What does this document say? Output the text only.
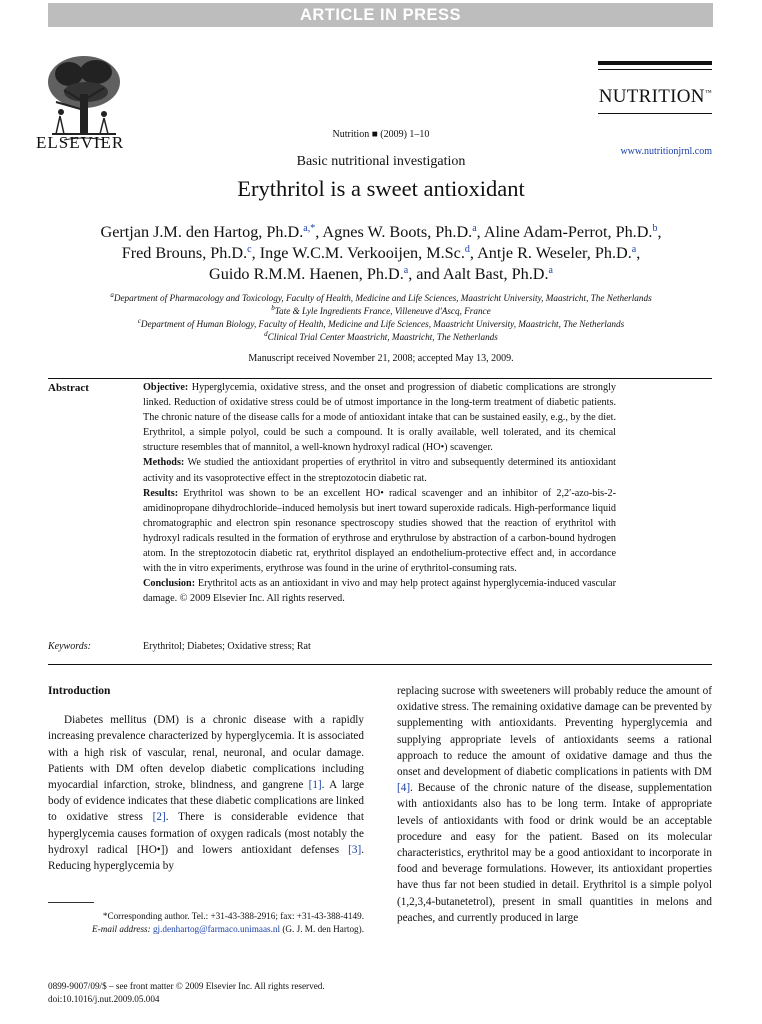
ARTICLE IN PRESS
ELSEVIER
NUTRITION™
www.nutritionjrnl.com
Nutrition ■ (2009) 1–10
Basic nutritional investigation
Erythritol is a sweet antioxidant
Gertjan J.M. den Hartog, Ph.D.$^{a,*}$, Agnes W. Boots, Ph.D.$^a$, Aline Adam-Perrot, Ph.D.$^b$,
Fred Brouns, Ph.D.$^c$, Inge W.C.M. Verkooijen, M.Sc.$^d$, Antje R. Weseler, Ph.D.$^a$,
Guido R.M.M. Haenen, Ph.D.$^a$, and Aalt Bast, Ph.D.$^a$
$^a$Department of Pharmacology and Toxicology, Faculty of Health, Medicine and Life Sciences, Maastricht University, Maastricht, The Netherlands
$^b$Tate & Lyle Ingredients France, Villeneuve d'Ascq, France
$^c$Department of Human Biology, Faculty of Health, Medicine and Life Sciences, Maastricht University, Maastricht, The Netherlands
$^d$Clinical Trial Center Maastricht, Maastricht, The Netherlands
Manuscript received November 21, 2008; accepted May 13, 2009.
Abstract	Objective: Hyperglycemia, oxidative stress, and the onset and progression of diabetic complications are strongly linked. Reduction of oxidative stress could be of utmost importance in the long-term treatment of diabetic patients. The chronic nature of the disease calls for a mode of antioxidant intake that can be sustained easily, e.g., by the diet. Erythritol, a simple polyol, could be such a compound. It is orally available, well tolerated, and its chemical structure resembles that of mannitol, a well-known hydroxyl radical (HO•) scavenger.

Methods: We studied the antioxidant properties of erythritol in vitro and subsequently determined its antioxidant activity and its vasoprotective effect in the streptozotocin diabetic rat.

Results: Erythritol was shown to be an excellent HO• radical scavenger and an inhibitor of 2,2′-azo-bis-2-amidinopropane dihydrochloride–induced hemolysis but inert toward superoxide radicals. High-performance liquid chromatographic and electron spin resonance spectroscopy studies showed that the reaction of erythritol with hydroxyl radicals resulted in the formation of erythrose and erythrulose by abstraction of a carbon-bound hydrogen atom. In the streptozotocin diabetic rat, erythritol displayed an endothelium-protective effect and, in accordance with the in vitro experiments, erythrose was found in the urine of erythritol-consuming rats.

Conclusion: Erythritol acts as an antioxidant in vivo and may help protect against hyperglycemia-induced vascular damage. © 2009 Elsevier Inc. All rights reserved.

Keywords:	Erythritol; Diabetes; Oxidative stress; Rat
Introduction

Diabetes mellitus (DM) is a chronic disease with a rapidly increasing prevalence characterized by hyperglycemia. It is associated with a high risk of vascular, renal, neuronal, and ocular damage. Patients with DM often develop diabetic complications including myocardial infarction, stroke, blindness, and gangrene [1]. A large body of evidence indicates that these diabetic complications are linked to oxidative stress [2]. There is considerable evidence that hyperglycemia causes formation of oxygen radicals (most notably the hydroxyl radical [HO•]) and lowers antioxidant defenses [3]. Reducing hyperglycemia by

replacing sucrose with sweeteners will probably reduce the amount of oxidative stress. The remaining oxidative damage can be prevented by supplementing with antioxidants. Preventing hyperglycemia and supplying appropriate levels of antioxidants seems a rational approach to reduce the amount of oxidative damage and thus the onset and development of diabetic complications in patients with DM [4]. Because of the chronic nature of the disease, supplementation with antioxidants also has to be long term. Intake of appropriate levels of antioxidants with food or drink would be an acceptable procedure and easy for the patient. Based on its molecular characteristics, erythritol may be a good antioxidant to incorporate in food and beverage formulations. However, its antioxidant properties have thus far not been studied in detail. Erythritol is a simple polyol (1,2,3,4-butanetetrol), present in small quantities in melons and peaches, and currently produced in large

*Corresponding author. Tel.: +31-43-388-2916; fax: +31-43-388-4149.
E-mail address: gj.denhartog@farmaco.unimaas.nl (G. J. M. den Hartog).
0899-9007/09/$ – see front matter © 2009 Elsevier Inc. All rights reserved.
doi:10.1016/j.nut.2009.05.004
